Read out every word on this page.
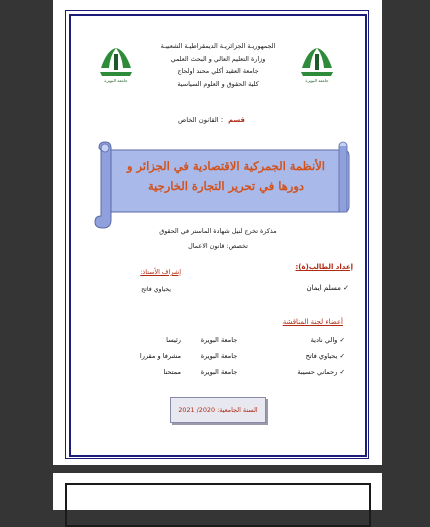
جامعة البويرة	جامعة البويرة
الجمهوريـة الجزائريـة الديمقراطيـة الشعبيـة
وزارة التعليم العالي و البحث العلمي
جامعة العقيد أكلي محند اولحاج
كلية الحقوق و العلوم السياسية
قسم: القانون الخاص
الأنظمة الجمركية الاقتصادية في الجزائر و
دورها في تحرير التجارة الخارجية
مذكرة تخرج لنيل شهادة الماستر في الحقوق
تخصص: قانون الاعمال
إعداد الطالب(ة):
إشراف الأستاذ:
✓ مسلم ايمان
يحياوي فاتح
أعضاء لجنة المناقشة
✓ والي نادية
جامعة البويرة
رئيسا
✓ يحياوي فاتح
جامعة البويرة
مشرفا و مقررا
✓ رحماني حسيبة
جامعة البويرة
ممتحنا
السنة الجامعية: 2020/ 2021
